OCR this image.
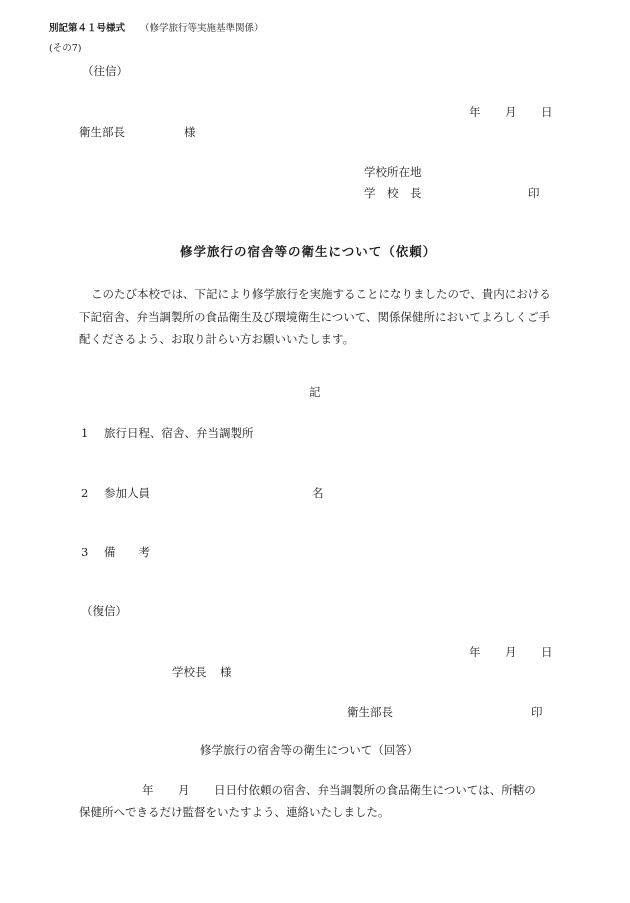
別記第４１号様式 （修学旅行等実施基準関係）
(その7)
（往信）
年 月 日
衛生部長	様
学校所在地
学　校　長	印
修学旅行の宿舎等の衛生について（依頼）
このたび本校では、下記により修学旅行を実施することになりましたので、貴内における下記宿舎、弁当調製所の食品衛生及び環境衛生について、関係保健所においてよろしくご手配くださるよう、お取り計らい方お願いいたします。
記
1 旅行日程、宿舎、弁当調製所
2 参加人員	名
3 備　　考
（復信）
年 月 日
学校長 様
衛生部長	印
修学旅行の宿舎等の衛生について（回答）
年 月 日日付依頼の宿舎、弁当調製所の食品衛生については、所轄の
保健所へできるだけ監督をいたすよう、連絡いたしました。
